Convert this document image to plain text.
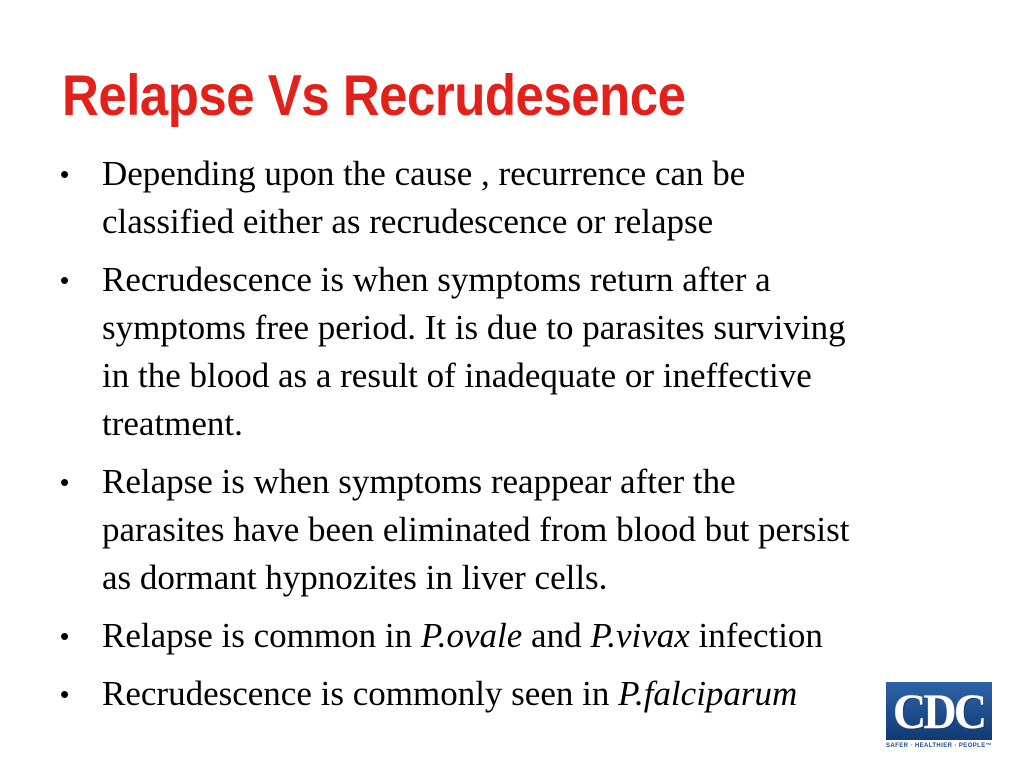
Relapse Vs Recrudesence
• Depending upon the cause , recurrence can be
classified either as recrudescence or relapse
• Recrudescence is when symptoms return after a
symptoms free period. It is due to parasites surviving
in the blood as a result of inadequate or ineffective
treatment.
• Relapse is when symptoms reappear after the
parasites have been eliminated from blood but persist
as dormant hypnozites in liver cells.
• Relapse is common in P.ovale and P.vivax infection
• Recrudescence is commonly seen in P.falciparum CDC
SAFER · HEALTHIER · PEOPLE™
